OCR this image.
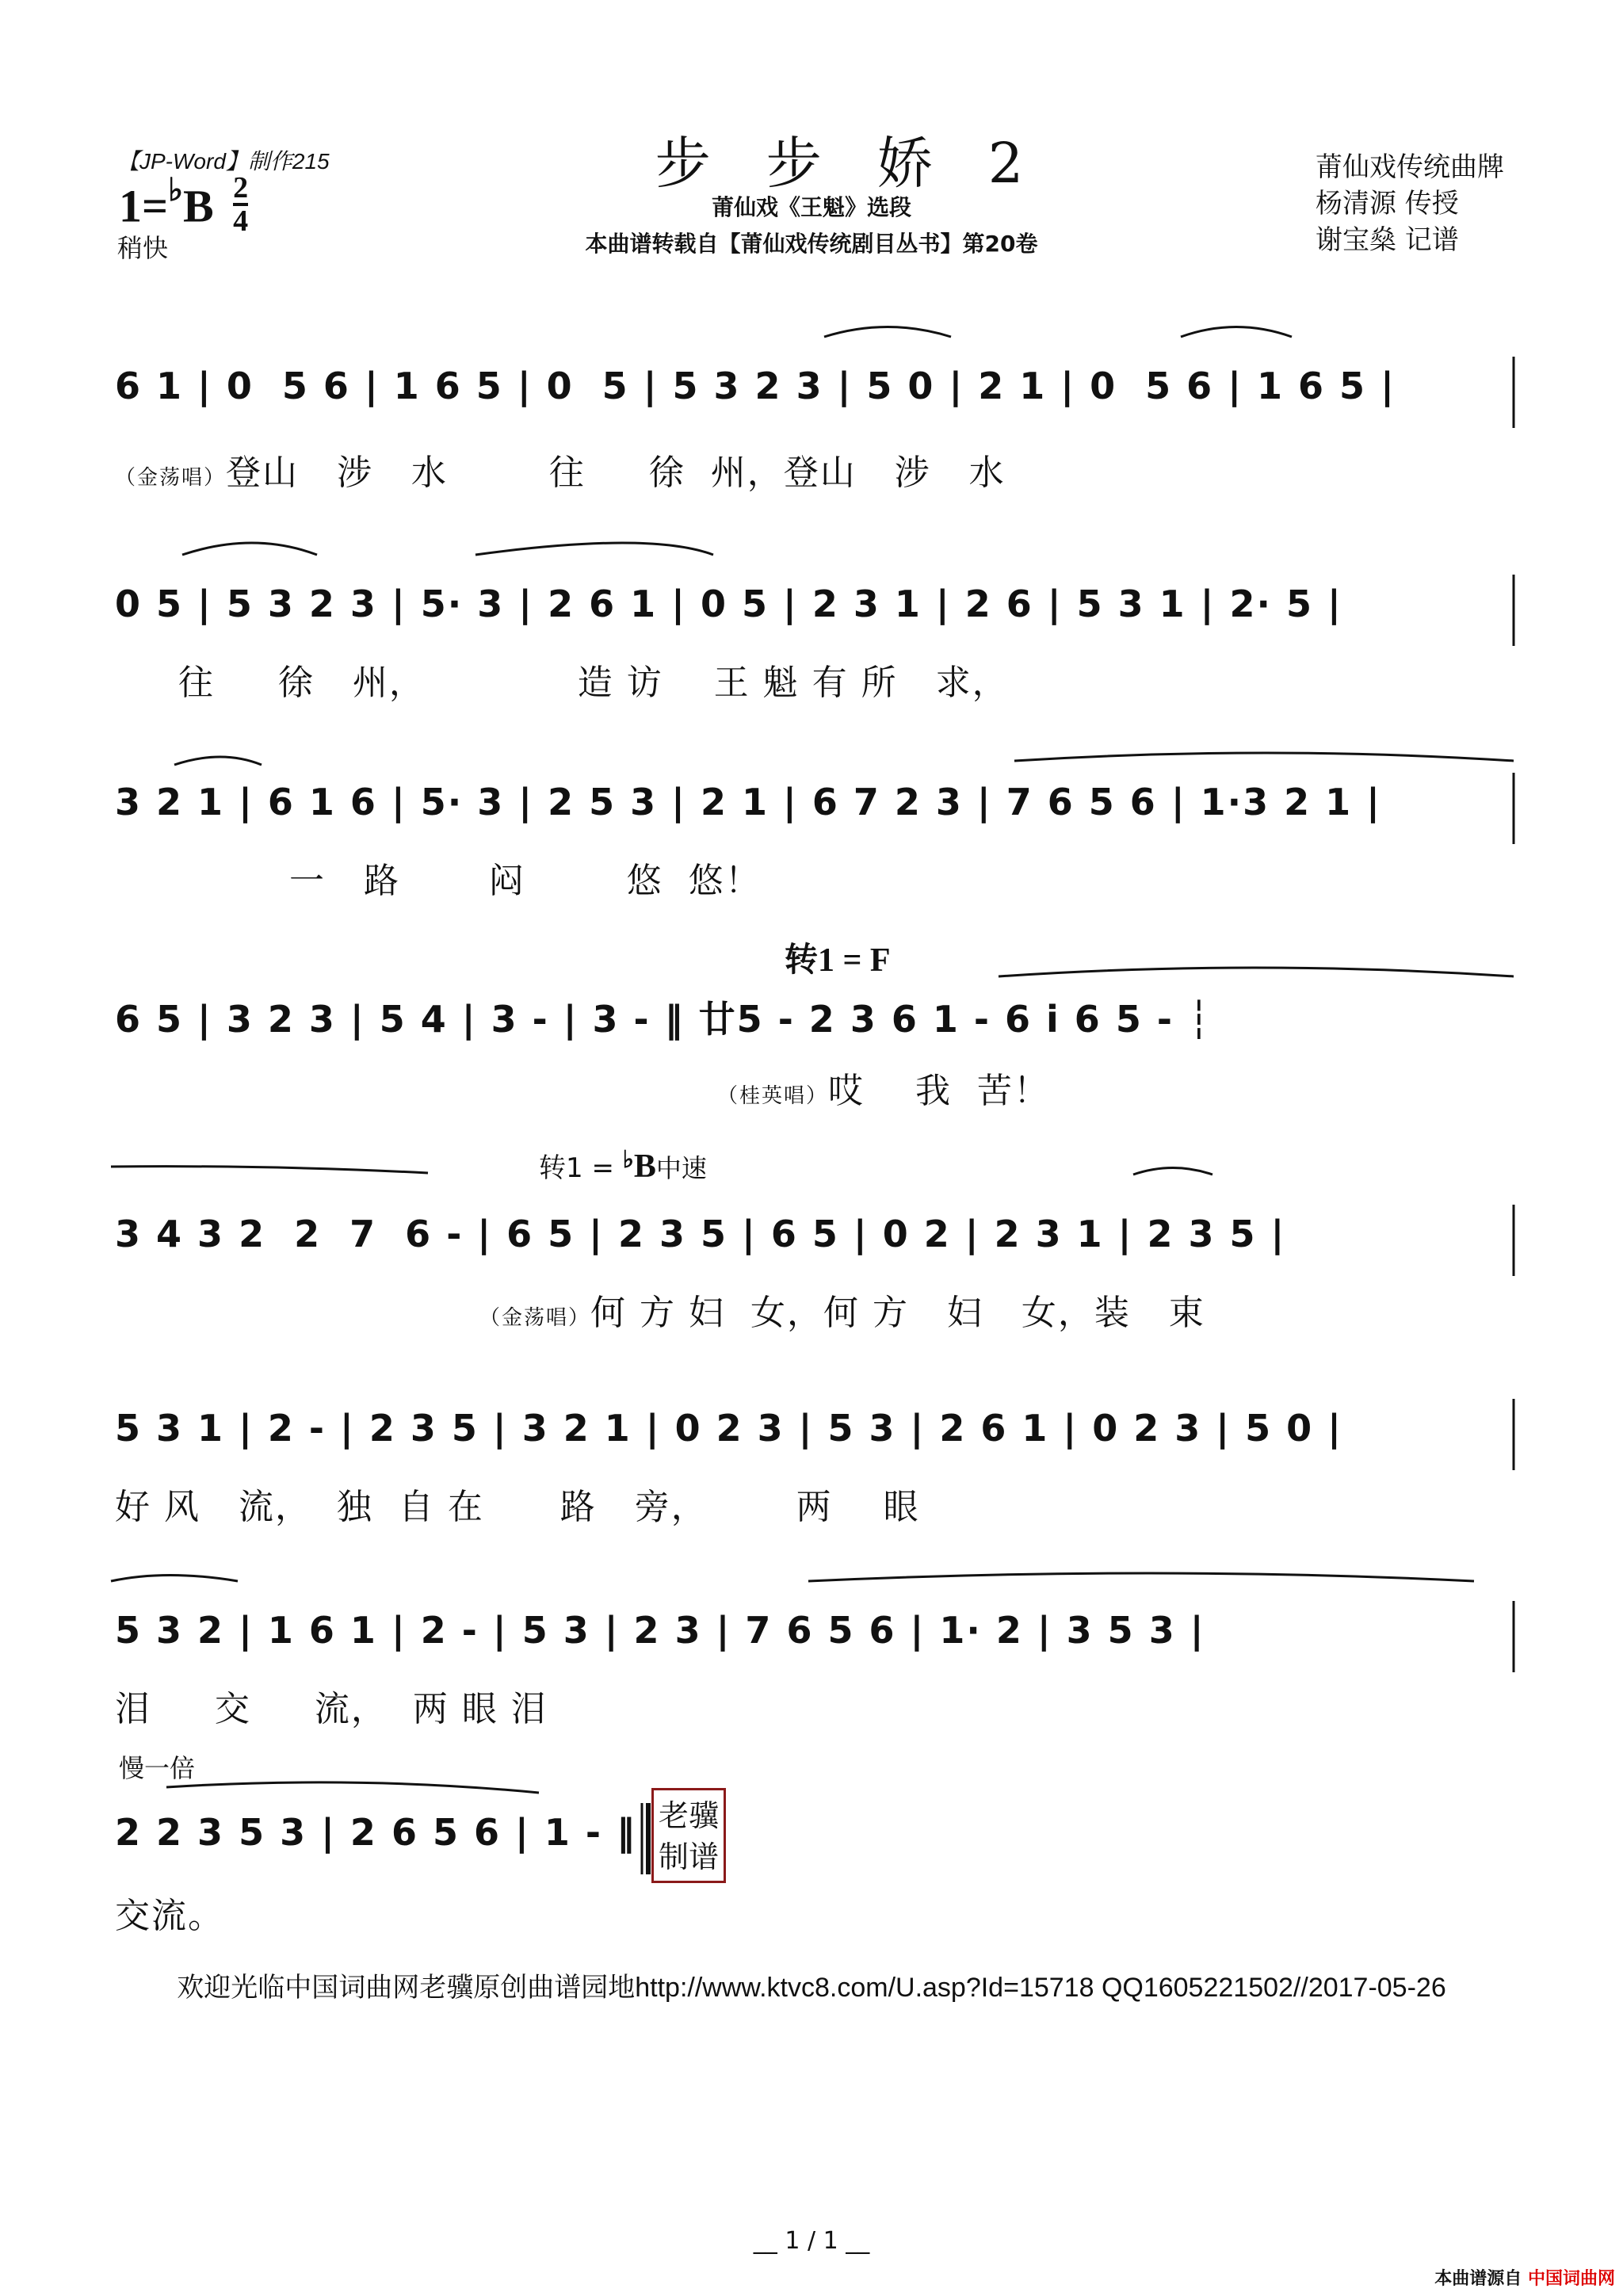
【JP-Word】制作215
$1=^♭B \frac{2}{4}$
稍快
步步娇2
莆仙戏《王魁》选段
本曲谱转载自【莆仙戏传统剧目丛书】第20卷
莆仙戏传统曲牌
杨清源 传授
谢宝燊 记谱
6 1 | 0  5 6 | 1 6 5 | 0  5 | 5 3 2 3 | 5 0 | 2 1 | 0  5 6 | 1 6 5 |
（金荡唱）登山   涉   水        往     徐  州，登山   涉   水
0 5 | 5 3 2 3 | 5· 3 | 2 6 1 | 0 5 | 2 3 1 | 2 6 | 5 3 1 | 2· 5 |
往     徐   州，            造 访    王 魁 有 所   求，
3 2 1 | 6 1 6 | 5· 3 | 2 5 3 | 2 1 | 6 7 2 3 | 7 6 5 6 | 1·3 2 1 |
一   路       闷        悠  悠！
转1 = F
6 5 | 3 2 3 | 5 4 | 3 - | 3 - ‖ 廿5 - 2 3 6 1 - 6 i 6 5 - ┆
（桂英唱）哎    我  苦！
转1 = ♭B中速
3 4 3 2  2  7  6 - | 6 5 | 2 3 5 | 6 5 | 0 2 | 2 3 1 | 2 3 5 |
（金荡唱）何 方 妇  女，何 方   妇   女，装   束
5 3 1 | 2 - | 2 3 5 | 3 2 1 | 0 2 3 | 5 3 | 2 6 1 | 0 2 3 | 5 0 |
好 风   流，  独  自 在      路   旁，       两    眼
5 3 2 | 1 6 1 | 2 - | 5 3 | 2 3 | 7 6 5 6 | 1· 2 | 3 5 3 |
泪     交     流，  两 眼 泪
慢一倍
2 2 3 5 3 | 2 6 5 6 | 1 - ‖
交流。
老骥
制谱
欢迎光临中国词曲网老骥原创曲谱园地http://www.ktvc8.com/U.asp?Id=15718 QQ1605221502//2017-05-26
__ 1 / 1 __
本曲谱源自 中国词曲网
